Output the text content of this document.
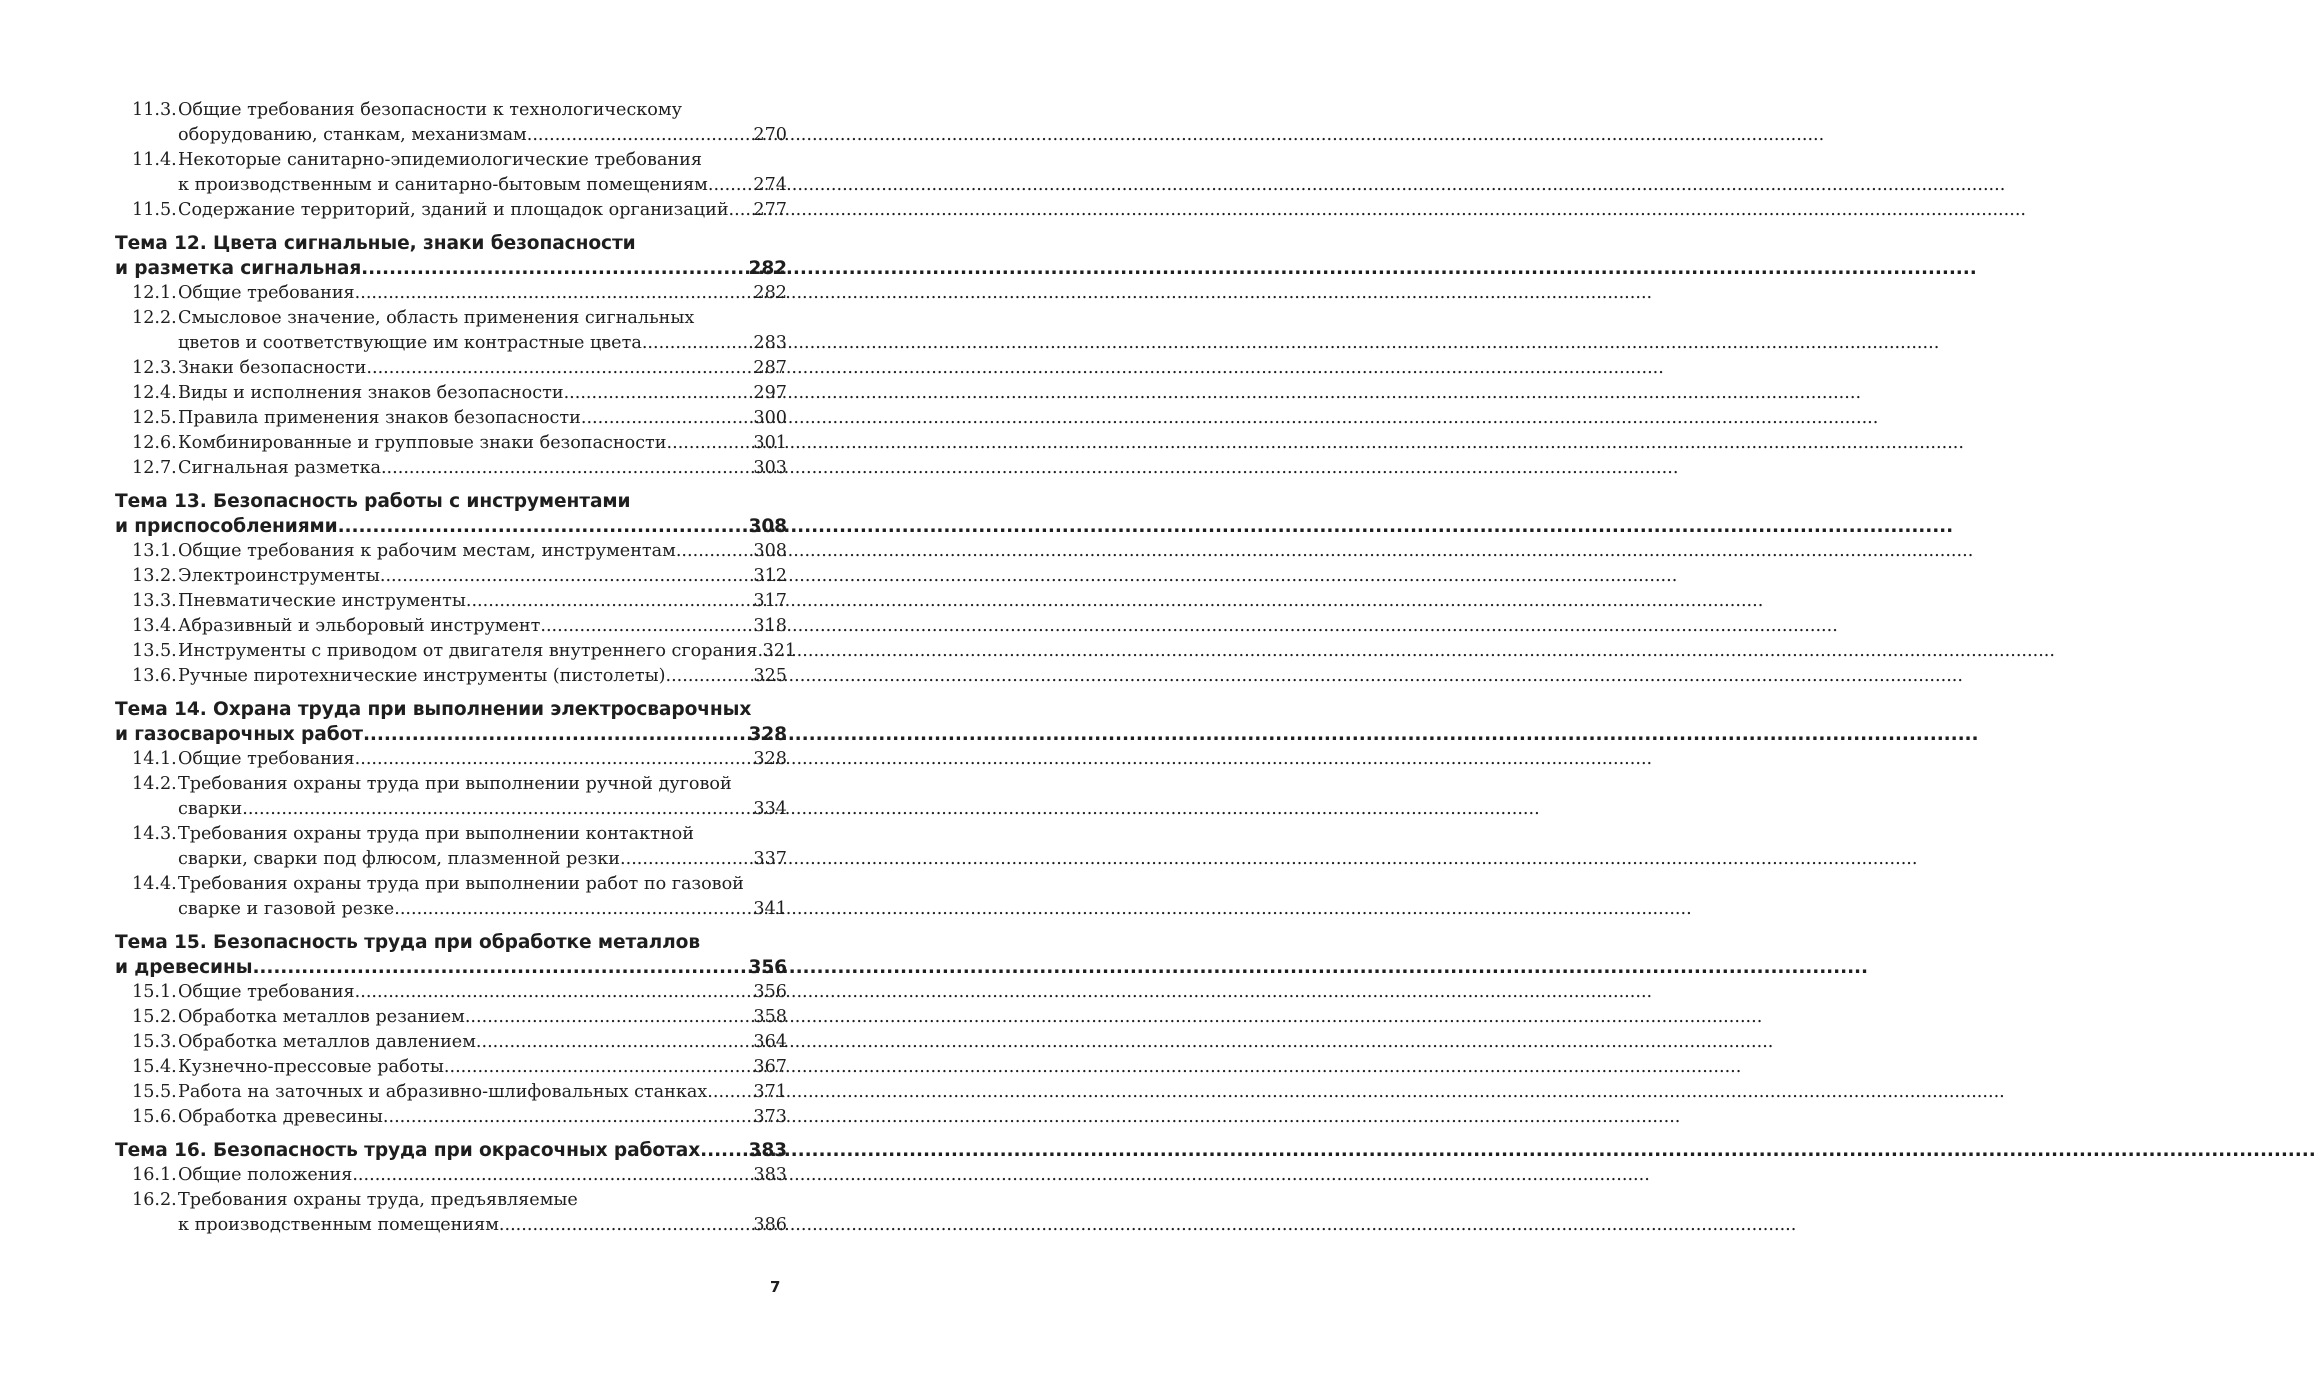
11.3. Общие требования безопасности к технологическому
оборудованию, станкам, механизмам .....	270
11.4. Некоторые санитарно-эпидемиологические требования
к производственным и санитарно-бытовым помещениям .....	274
11.5. Содержание территорий, зданий и площадок организаций ..... 277
Тема 12. Цвета сигнальные, знаки безопасности
и разметка сигнальная .....	282
12.1. Общие требования .....	282
12.2. Смысловое значение, область применения сигнальных
цветов и соответствующие им контрастные цвета .....	283
12.3. Знаки безопасности .....	287
12.4. Виды и исполнения знаков безопасности .....	297
12.5. Правила применения знаков безопасности .....	300
12.6. Комбинированные и групповые знаки безопасности .....	301
12.7. Сигнальная разметка .....	303
Тема 13. Безопасность работы с инструментами
и приспособлениями .....	308
13.1. Общие требования к рабочим местам, инструментам .....	308
13.2. Электроинструменты .....	312
13.3. Пневматические инструменты .....	317
13.4. Абразивный и эльборовый инструмент .....	318
13.5. Инструменты с приводом от двигателя внутреннего сгорания ..... 321
13.6. Ручные пиротехнические инструменты (пистолеты) .....	325
Тема 14. Охрана труда при выполнении электросварочных
и газосварочных работ .....	328
14.1. Общие требования .....	328
14.2. Требования охраны труда при выполнении ручной дуговой
сварки .....	334
14.3. Требования охраны труда при выполнении контактной
сварки, сварки под флюсом, плазменной резки .....	337
14.4. Требования охраны труда при выполнении работ по газовой
сварке и газовой резке .....	341
Тема 15. Безопасность труда при обработке металлов
и древесины .....	356
15.1. Общие требования .....	356
15.2. Обработка металлов резанием .....	358
15.3. Обработка металлов давлением .....	364
15.4. Кузнечно-прессовые работы .....	367
15.5. Работа на заточных и абразивно-шлифовальных станках .....	371
15.6. Обработка древесины .....	373
Тема 16. Безопасность труда при окрасочных работах .....	383
16.1. Общие положения .....	383
16.2. Требования охраны труда, предъявляемые
к производственным помещениям .....	386
7
